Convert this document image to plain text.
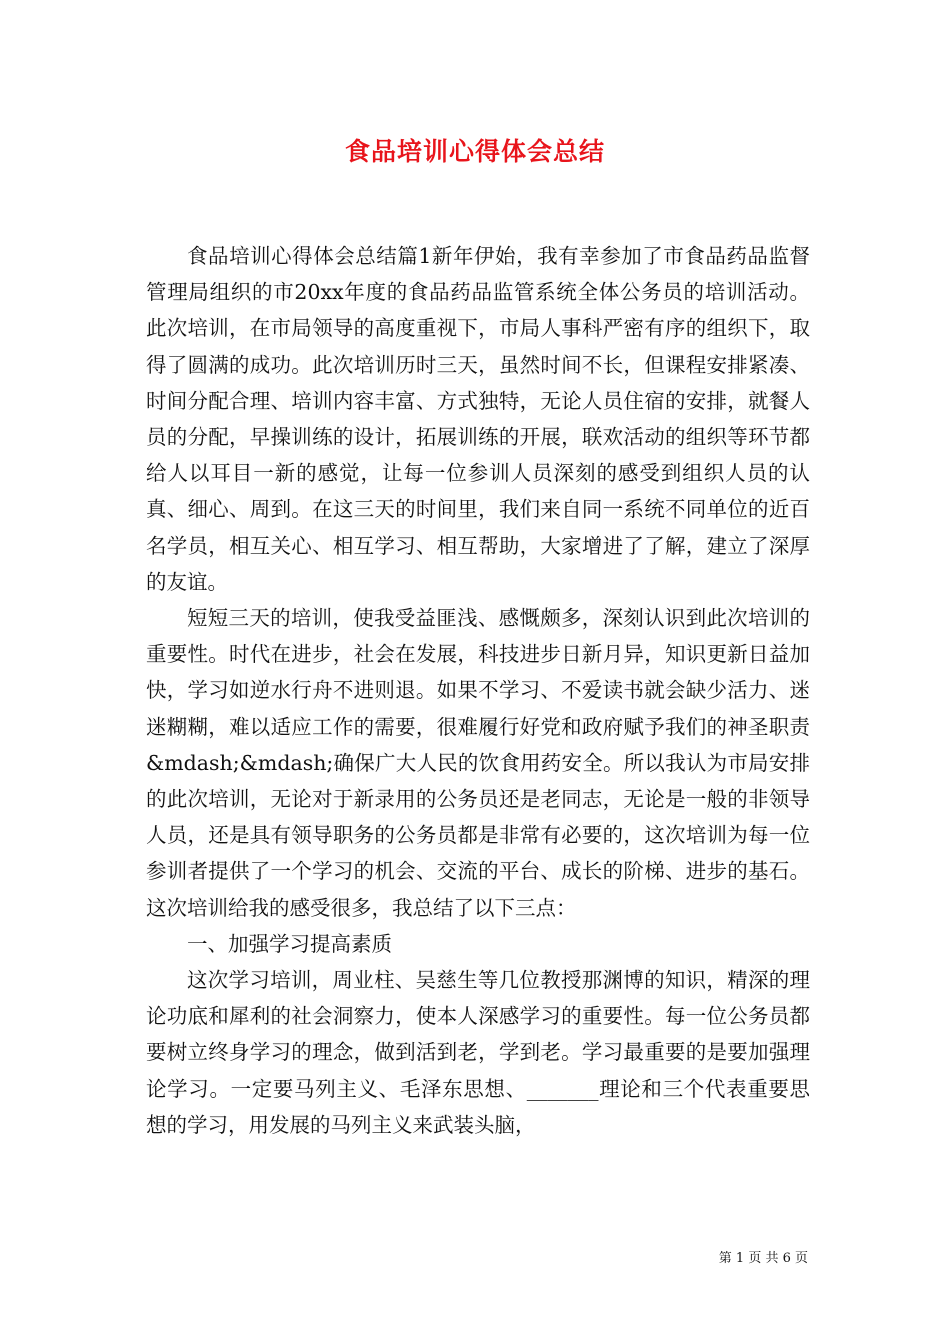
食品培训心得体会总结

食品培训心得体会总结篇1新年伊始，我有幸参加了市食品药品监督管理局组织的市20xx年度的食品药品监管系统全体公务员的培训活动。此次培训，在市局领导的高度重视下，市局人事科严密有序的组织下，取得了圆满的成功。此次培训历时三天，虽然时间不长，但课程安排紧凑、时间分配合理、培训内容丰富、方式独特，无论人员住宿的安排，就餐人员的分配，早操训练的设计，拓展训练的开展，联欢活动的组织等环节都给人以耳目一新的感觉，让每一位参训人员深刻的感受到组织人员的认真、细心、周到。在这三天的时间里，我们来自同一系统不同单位的近百名学员，相互关心、相互学习、相互帮助，大家增进了了解，建立了深厚的友谊。

短短三天的培训，使我受益匪浅、感慨颇多，深刻认识到此次培训的重要性。时代在进步，社会在发展，科技进步日新月异，知识更新日益加快，学习如逆水行舟不进则退。如果不学习、不爱读书就会缺少活力、迷迷糊糊，难以适应工作的需要，很难履行好党和政府赋予我们的神圣职责&mdash;&mdash;确保广大人民的饮食用药安全。所以我认为市局安排的此次培训，无论对于新录用的公务员还是老同志，无论是一般的非领导人员，还是具有领导职务的公务员都是非常有必要的，这次培训为每一位参训者提供了一个学习的机会、交流的平台、成长的阶梯、进步的基石。这次培训给我的感受很多，我总结了以下三点：

一、加强学习提高素质

这次学习培训，周业柱、吴慈生等几位教授那渊博的知识，精深的理论功底和犀利的社会洞察力，使本人深感学习的重要性。每一位公务员都要树立终身学习的理念，做到活到老，学到老。学习最重要的是要加强理论学习。一定要马列主义、毛泽东思想、_______理论和三个代表重要思想的学习，用发展的马列主义来武装头脑，

第 1 页 共 6 页
